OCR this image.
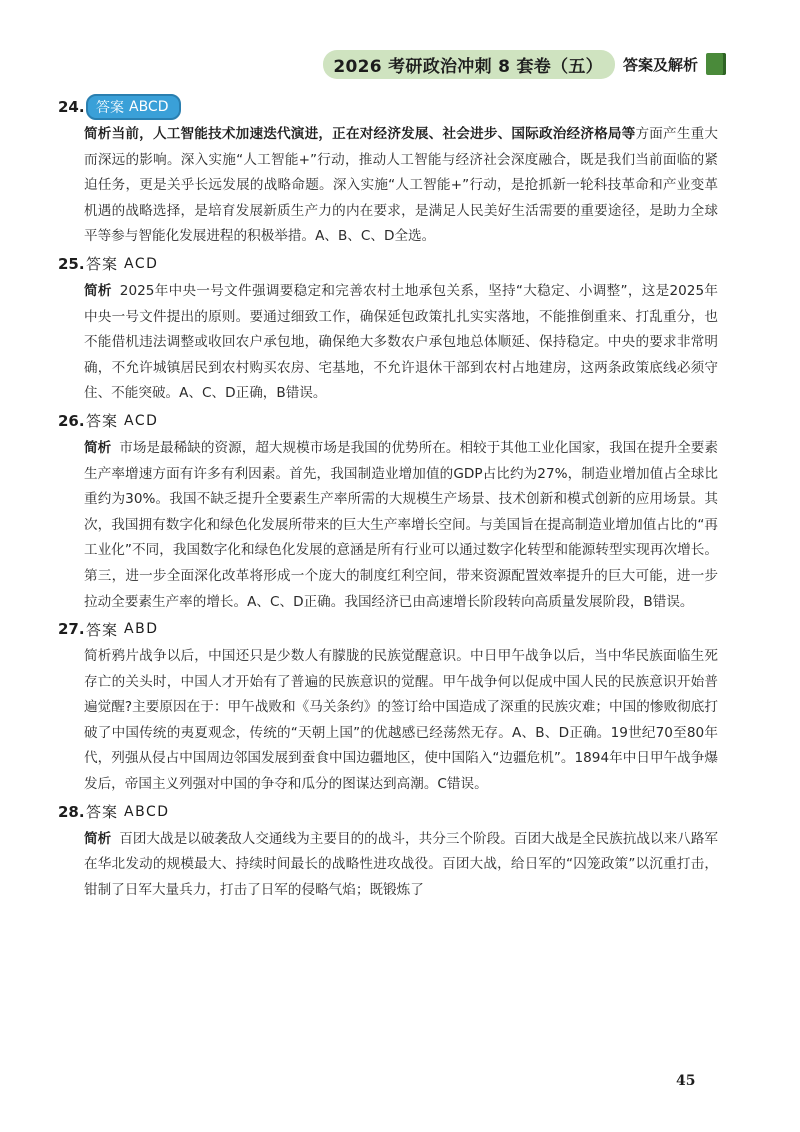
2026 考研政治冲刺 8 套卷（五）	答案及解析
24. 答案 ABCD
简析当前，人工智能技术加速迭代演进，正在对经济发展、社会进步、国际政治经济格局等方面产生重大而深远的影响。深入实施“人工智能+”行动，推动人工智能与经济社会深度融合，既是我们当前面临的紧迫任务，更是关乎长远发展的战略命题。深入实施“人工智能+”行动，是抢抓新一轮科技革命和产业变革机遇的战略选择，是培育发展新质生产力的内在要求，是满足人民美好生活需要的重要途径，是助力全球平等参与智能化发展进程的积极举措。A、B、C、D全选。
25. 答案 ACD
简析 2025年中央一号文件强调要稳定和完善农村土地承包关系，坚持“大稳定、小调整”，这是2025年中央一号文件提出的原则。要通过细致工作，确保延包政策扎扎实实落地，不能推倒重来、打乱重分，也不能借机违法调整或收回农户承包地，确保绝大多数农户承包地总体顺延、保持稳定。中央的要求非常明确，不允许城镇居民到农村购买农房、宅基地，不允许退休干部到农村占地建房，这两条政策底线必须守住、不能突破。A、C、D正确，B错误。
26. 答案 ACD
简析 市场是最稀缺的资源，超大规模市场是我国的优势所在。相较于其他工业化国家，我国在提升全要素生产率增速方面有许多有利因素。首先，我国制造业增加值的GDP占比约为27%，制造业增加值占全球比重约为30%。我国不缺乏提升全要素生产率所需的大规模生产场景、技术创新和模式创新的应用场景。其次，我国拥有数字化和绿色化发展所带来的巨大生产率增长空间。与美国旨在提高制造业增加值占比的“再工业化”不同，我国数字化和绿色化发展的意涵是所有行业可以通过数字化转型和能源转型实现再次增长。第三，进一步全面深化改革将形成一个庞大的制度红利空间，带来资源配置效率提升的巨大可能，进一步拉动全要素生产率的增长。A、C、D正确。我国经济已由高速增长阶段转向高质量发展阶段，B错误。
27. 答案 ABD
简析鸦片战争以后，中国还只是少数人有朦胧的民族觉醒意识。中日甲午战争以后，当中华民族面临生死存亡的关头时，中国人才开始有了普遍的民族意识的觉醒。甲午战争何以促成中国人民的民族意识开始普遍觉醒?主要原因在于：甲午战败和《马关条约》的签订给中国造成了深重的民族灾难；中国的惨败彻底打破了中国传统的夷夏观念，传统的“天朝上国”的优越感已经荡然无存。A、B、D正确。19世纪70至80年代，列强从侵占中国周边邻国发展到蚕食中国边疆地区，使中国陷入“边疆危机”。1894年中日甲午战争爆发后，帝国主义列强对中国的争夺和瓜分的图谋达到高潮。C错误。
28. 答案 ABCD
简析 百团大战是以破袭敌人交通线为主要目的的战斗，共分三个阶段。百团大战是全民族抗战以来八路军在华北发动的规模最大、持续时间最长的战略性进攻战役。百团大战，给日军的“囚笼政策”以沉重打击，钳制了日军大量兵力，打击了日军的侵略气焰；既锻炼了
45
